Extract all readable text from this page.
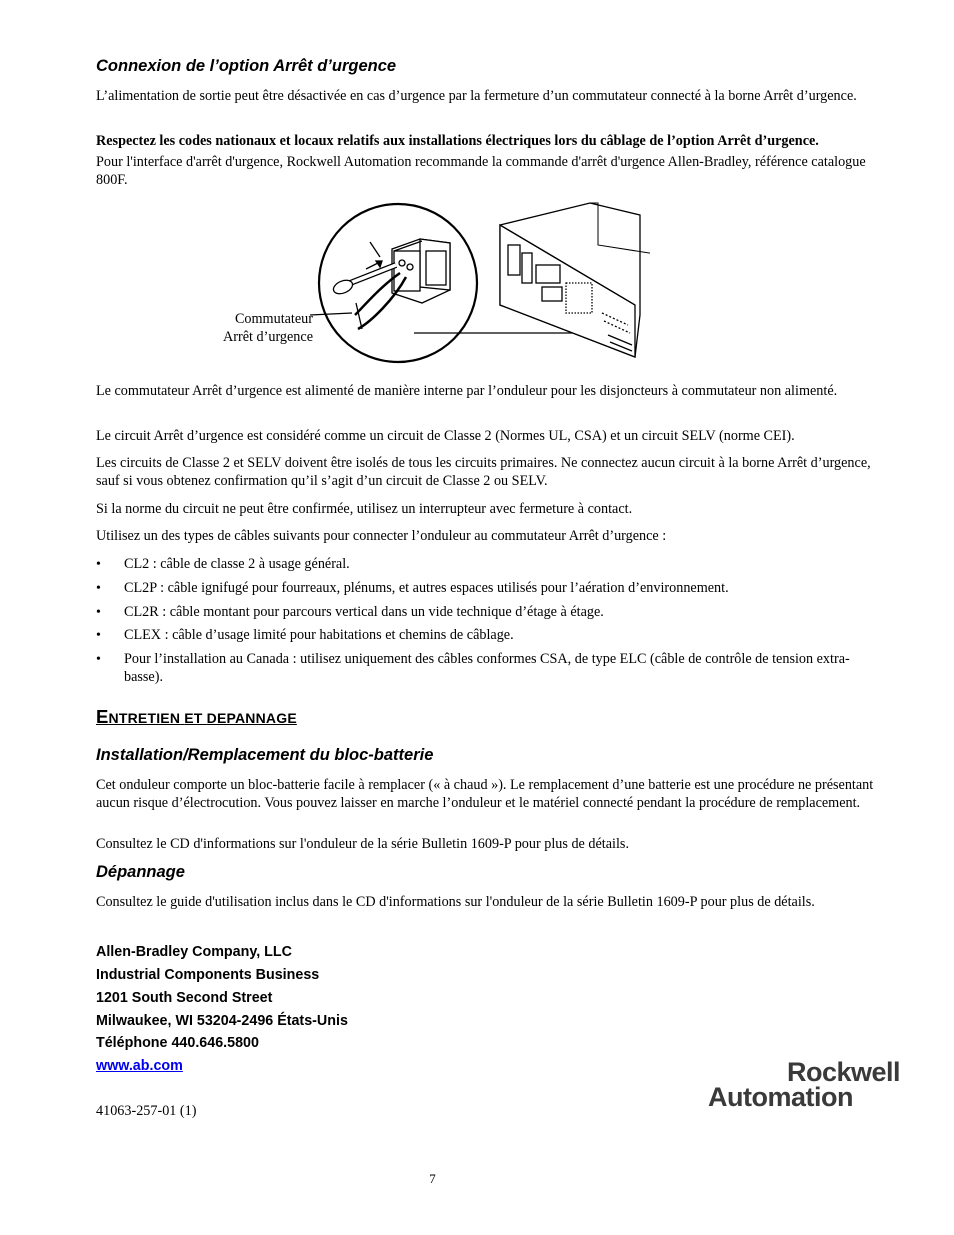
Connexion de l’option Arrêt d’urgence
L’alimentation de sortie peut être désactivée en cas d’urgence par la fermeture d’un commutateur connecté à la borne Arrêt d’urgence.
Respectez les codes nationaux et locaux relatifs aux installations électriques lors du câblage de l’option Arrêt d’urgence.
Pour l'interface d'arrêt d'urgence, Rockwell Automation recommande la commande d'arrêt d'urgence Allen-Bradley, référence catalogue 800F.
Commutateur
Arrêt d’urgence
Le commutateur Arrêt d’urgence est alimenté de manière interne par l’onduleur pour les disjoncteurs à commutateur non alimenté.
Le circuit Arrêt d’urgence est considéré comme un circuit de Classe 2 (Normes UL, CSA) et un circuit SELV (norme CEI).
Les circuits de Classe 2 et SELV doivent être isolés de tous les circuits primaires. Ne connectez aucun circuit à la borne Arrêt d’urgence, sauf si vous obtenez confirmation qu’il s’agit d’un circuit de Classe 2 ou SELV.
Si la norme du circuit ne peut être confirmée, utilisez un interrupteur avec fermeture à contact.
Utilisez un des types de câbles suivants pour connecter l’onduleur au commutateur Arrêt d’urgence :
• CL2 : câble de classe 2 à usage général.
• CL2P : câble ignifugé pour fourreaux, plénums, et autres espaces utilisés pour l’aération d’environnement.
• CL2R : câble montant pour parcours vertical dans un vide technique d’étage à étage.
• CLEX : câble d’usage limité pour habitations et chemins de câblage.
• Pour l’installation au Canada : utilisez uniquement des câbles conformes CSA, de type ELC (câble de contrôle de tension extra-basse).
ENTRETIEN ET DEPANNAGE
Installation/Remplacement du bloc-batterie
Cet onduleur comporte un bloc-batterie facile à remplacer (« à chaud »). Le remplacement d’une batterie est une procédure ne présentant aucun risque d’électrocution. Vous pouvez laisser en marche l’onduleur et le matériel connecté pendant la procédure de remplacement.
Consultez le CD d'informations sur l'onduleur de la série Bulletin 1609-P pour plus de détails.
Dépannage
Consultez le guide d'utilisation inclus dans le CD d'informations sur l'onduleur de la série Bulletin 1609-P pour plus de détails.
Allen-Bradley Company, LLC
Industrial Components Business
1201 South Second Street
Milwaukee, WI 53204-2496 États-Unis
Téléphone 440.646.5800
www.ab.com
41063-257-01 (1)
Rockwell
Automation
7
